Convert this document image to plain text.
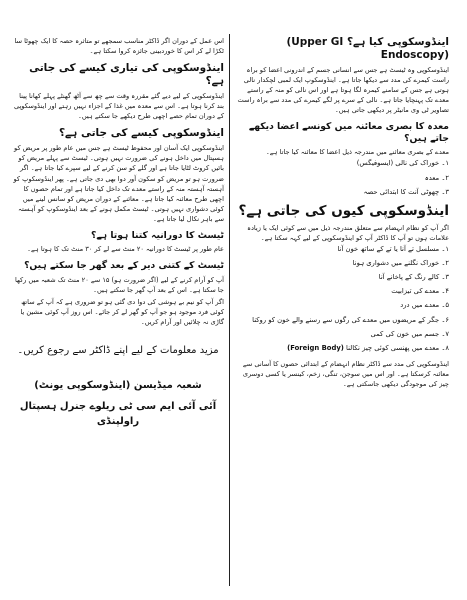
اینڈوسکوپی کیا ہے؟ (Upper GI Endoscopy)

اینڈوسکوپی وہ ٹیسٹ ہے جس سے انسانی جسم کے اندرونی اعضا کو براہ راست کیمرے کی مدد سے دیکھا جاتا ہے۔ اینڈوسکوپ ایک لمبی لچکدار نالی ہوتی ہے جس کے سامنے کیمرہ لگا ہوتا ہے اور اس نالی کو منہ کے راستے معدے تک پہنچایا جاتا ہے۔ نالی کے سرے پر لگے کیمرے کی مدد سے براہ راست تصاویر ٹی وی مانیٹر پر دیکھی جاتی ہیں۔

معدہ کا بصری معائنہ میں کونسے اعضا دیکھے جاتے ہیں؟

معدے کے بصری معائنے میں مندرجہ ذیل اعضا کا معائنہ کیا جاتا ہے۔

۱۔ خوراک کی نالی (ایسوفیگس)
۲۔ معدہ
۳۔ چھوٹی آنت کا ابتدائی حصہ
اینڈوسکوپی کیوں کی جاتی ہے؟

اگر آپ کو نظام انہضام سے متعلق مندرجہ ذیل میں سے کوئی ایک یا زیادہ علامات ہوں تو آپ کا ڈاکٹر آپ کو اینڈوسکوپی کے لیے کہہ سکتا ہے۔

۱۔ مسلسل تے آنا یا تے کے ساتھ خون آنا
۲۔ خوراک نگلنے میں دشواری ہونا
۳۔ کالے رنگ کے پاخانے آنا
۴۔ معدے کی تیزابیت
۵۔ معدے میں درد
۶۔ جگر کے مریضوں میں معدے کی رگوں سے رسنے والے خون کو روکنا
۷۔ جسم میں خون کی کمی
۸۔ معدے میں پھنسی کوئی چیز نکالنا (Foreign Body)

اینڈوسکوپی کی مدد سے ڈاکٹر نظام انہضام کے ابتدائی حصوں کا آسانی سے معائنہ کرسکتا ہے۔ اور اس میں سوجن، تنگی، زخم، کینسر یا کسی دوسری چیز کی موجودگی دیکھی جاسکتی ہے۔

اس عمل کے دوران اگر ڈاکٹر مناسب سمجھے تو متاثرہ حصہ کا ایک چھوٹا سا ٹکڑا لے کر اس کا خوردبینی جائزہ کروا سکتا ہے۔

اینڈوسکوپی کی تیاری کیسے کی جاتی ہے؟

اینڈوسکوپی کے لیے دیے گئے مقررہ وقت سے چھ سے آٹھ گھنٹے پہلے کھانا پینا بند کرنا ہوتا ہے۔ اس سے معدہ میں غذا کے اجزاء نہیں رہتے اور اینڈوسکوپی کے دوران تمام حصے اچھی طرح دیکھے جا سکتے ہیں۔

اینڈوسکوپی کیسے کی جاتی ہے؟

اینڈوسکوپی ایک آسان اور محفوظ ٹیسٹ ہے جس میں عام طور پر مریض کو ہسپتال میں داخل ہونے کی ضرورت نہیں ہوتی۔ ٹیسٹ سے پہلے مریض کو بائیں کروٹ لٹایا جاتا ہے اور گلے کو سن کرنے کے لیے سپرے کیا جاتا ہے۔ اگر ضرورت ہو تو مریض کو سکون آور دوا بھی دی جاتی ہے۔ پھر اینڈوسکوپ کو آہستہ آہستہ منہ کے راستے معدے تک داخل کیا جاتا ہے اور تمام حصوں کا اچھی طرح معائنہ کیا جاتا ہے۔ معائنے کے دوران مریض کو سانس لینے میں کوئی دشواری نہیں ہوتی۔ ٹیسٹ مکمل ہونے کے بعد اینڈوسکوپ کو آہستہ سے باہر نکال لیا جاتا ہے۔

ٹیسٹ کا دورانیہ کتنا ہوتا ہے؟

عام طور پر ٹیسٹ کا دورانیہ ۲۰ منٹ سے لے کر ۳۰ منٹ تک کا ہوتا ہے۔

ٹیسٹ کے کتنی دیر کے بعد گھر جا سکتے ہیں؟

آپ کو آرام کرنے کے لیے (اگر ضرورت ہو) ۱۵ سے ۲۰ منٹ تک شعبہ میں رکھا جا سکتا ہے۔ اس کے بعد آپ گھر جا سکتے ہیں۔

اگر آپ کو نیم بے ہوشی کی دوا دی گئی ہو تو ضروری ہے کہ آپ کے ساتھ کوئی فرد موجود ہو جو آپ کو گھر لے کر جائے۔ اس روز آپ کوئی مشین یا گاڑی نہ چلائیں اور آرام کریں۔

مزید معلومات کے لیے اپنے ڈاکٹر سے رجوع کریں۔
شعبہ میڈیسن (اینڈوسکوپی یونٹ)
آئی آئی ایم سی ٹی ریلوے جنرل ہسپتال راولپنڈی
